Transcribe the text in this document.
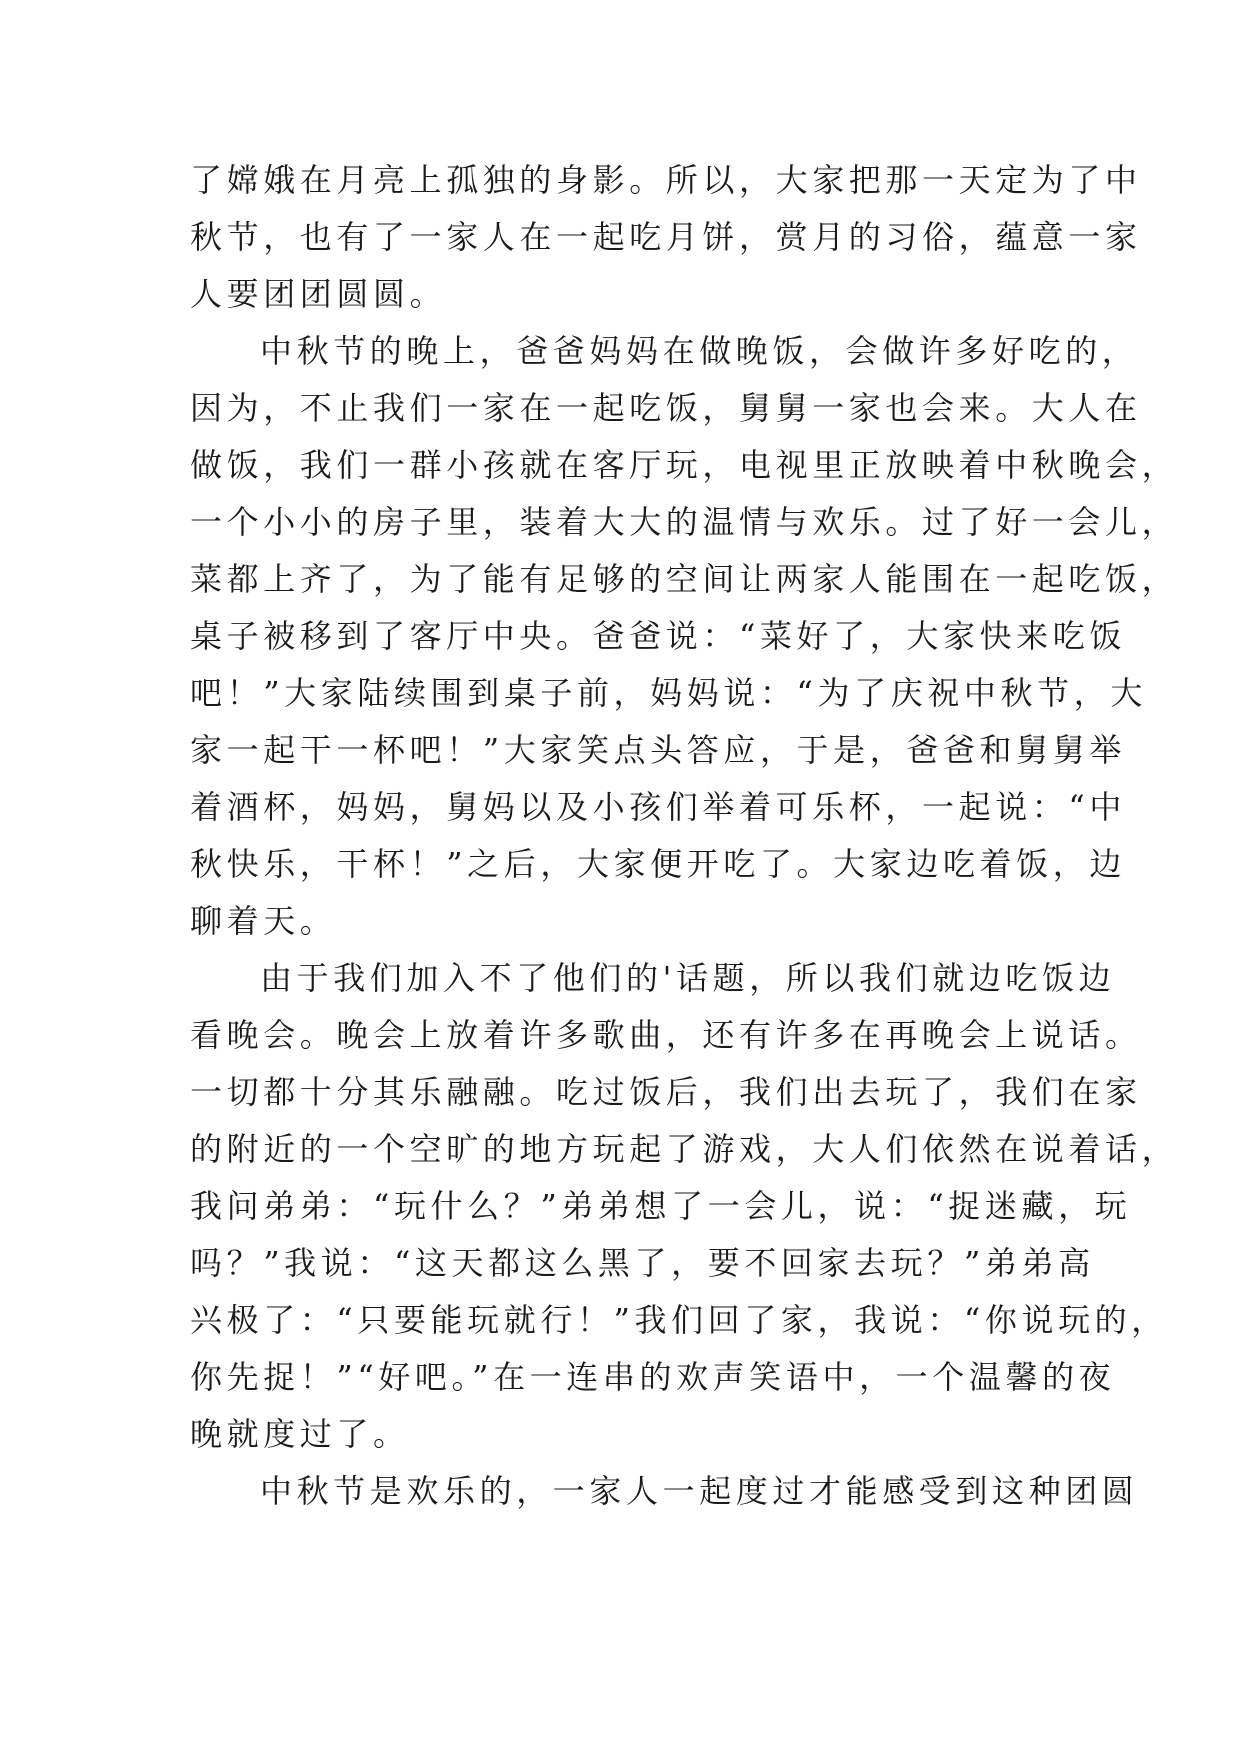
了嫦娥在月亮上孤独的身影。所以，大家把那一天定为了中
秋节，也有了一家人在一起吃月饼，赏月的习俗，蕴意一家
人要团团圆圆。
中秋节的晚上，爸爸妈妈在做晚饭，会做许多好吃的，
因为，不止我们一家在一起吃饭，舅舅一家也会来。大人在
做饭，我们一群小孩就在客厅玩，电视里正放映着中秋晚会，
一个小小的房子里，装着大大的温情与欢乐。过了好一会儿，
菜都上齐了，为了能有足够的空间让两家人能围在一起吃饭，
桌子被移到了客厅中央。爸爸说：“菜好了，大家快来吃饭
吧！”大家陆续围到桌子前，妈妈说：“为了庆祝中秋节，大
家一起干一杯吧！”大家笑点头答应，于是，爸爸和舅舅举
着酒杯，妈妈，舅妈以及小孩们举着可乐杯，一起说：“中
秋快乐，干杯！”之后，大家便开吃了。大家边吃着饭，边
聊着天。
由于我们加入不了他们的'话题，所以我们就边吃饭边
看晚会。晚会上放着许多歌曲，还有许多在再晚会上说话。
一切都十分其乐融融。吃过饭后，我们出去玩了，我们在家
的附近的一个空旷的地方玩起了游戏，大人们依然在说着话，
我问弟弟：“玩什么？”弟弟想了一会儿，说：“捉迷藏，玩
吗？”我说：“这天都这么黑了，要不回家去玩？”弟弟高
兴极了：“只要能玩就行！”我们回了家，我说：“你说玩的，
你先捉！”“好吧。”在一连串的欢声笑语中，一个温馨的夜
晚就度过了。
中秋节是欢乐的，一家人一起度过才能感受到这种团圆
